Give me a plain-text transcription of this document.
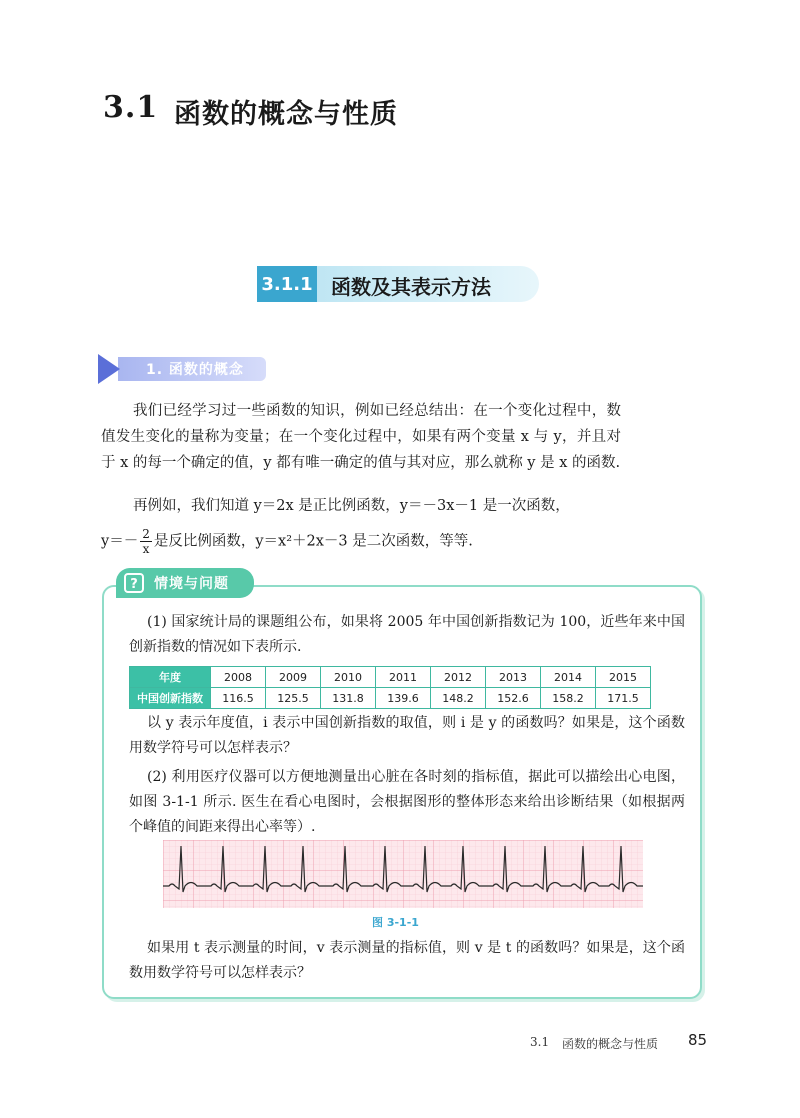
3.1 函数的概念与性质
3.1.1 函数及其表示方法
1. 函数的概念
我们已经学习过一些函数的知识，例如已经总结出：在一个变化过程中，数值发生变化的量称为变量；在一个变化过程中，如果有两个变量 x 与 y，并且对于 x 的每一个确定的值，y 都有唯一确定的值与其对应，那么就称 y 是 x 的函数.
再例如，我们知道 y＝2x 是正比例函数，y＝－3x－1 是一次函数，
$y=- \frac{2}{x}$ 是反比例函数，y＝x²＋2x－3 是二次函数，等等.
? 情境与问题
(1) 国家统计局的课题组公布，如果将 2005 年中国创新指数记为 100，近些年来中国创新指数的情况如下表所示.
年度	2008	2009	2010	2011	2012	2013	2014	2015
中国创新指数	116.5	125.5	131.8	139.6	148.2	152.6	158.2	171.5
以 y 表示年度值，i 表示中国创新指数的取值，则 i 是 y 的函数吗？如果是，这个函数用数学符号可以怎样表示？
(2) 利用医疗仪器可以方便地测量出心脏在各时刻的指标值，据此可以描绘出心电图，如图 3-1-1 所示. 医生在看心电图时，会根据图形的整体形态来给出诊断结果（如根据两个峰值的间距来得出心率等）.
图 3-1-1
如果用 t 表示测量的时间，v 表示测量的指标值，则 v 是 t 的函数吗？如果是，这个函数用数学符号可以怎样表示？
3.1 函数的概念与性质 85
